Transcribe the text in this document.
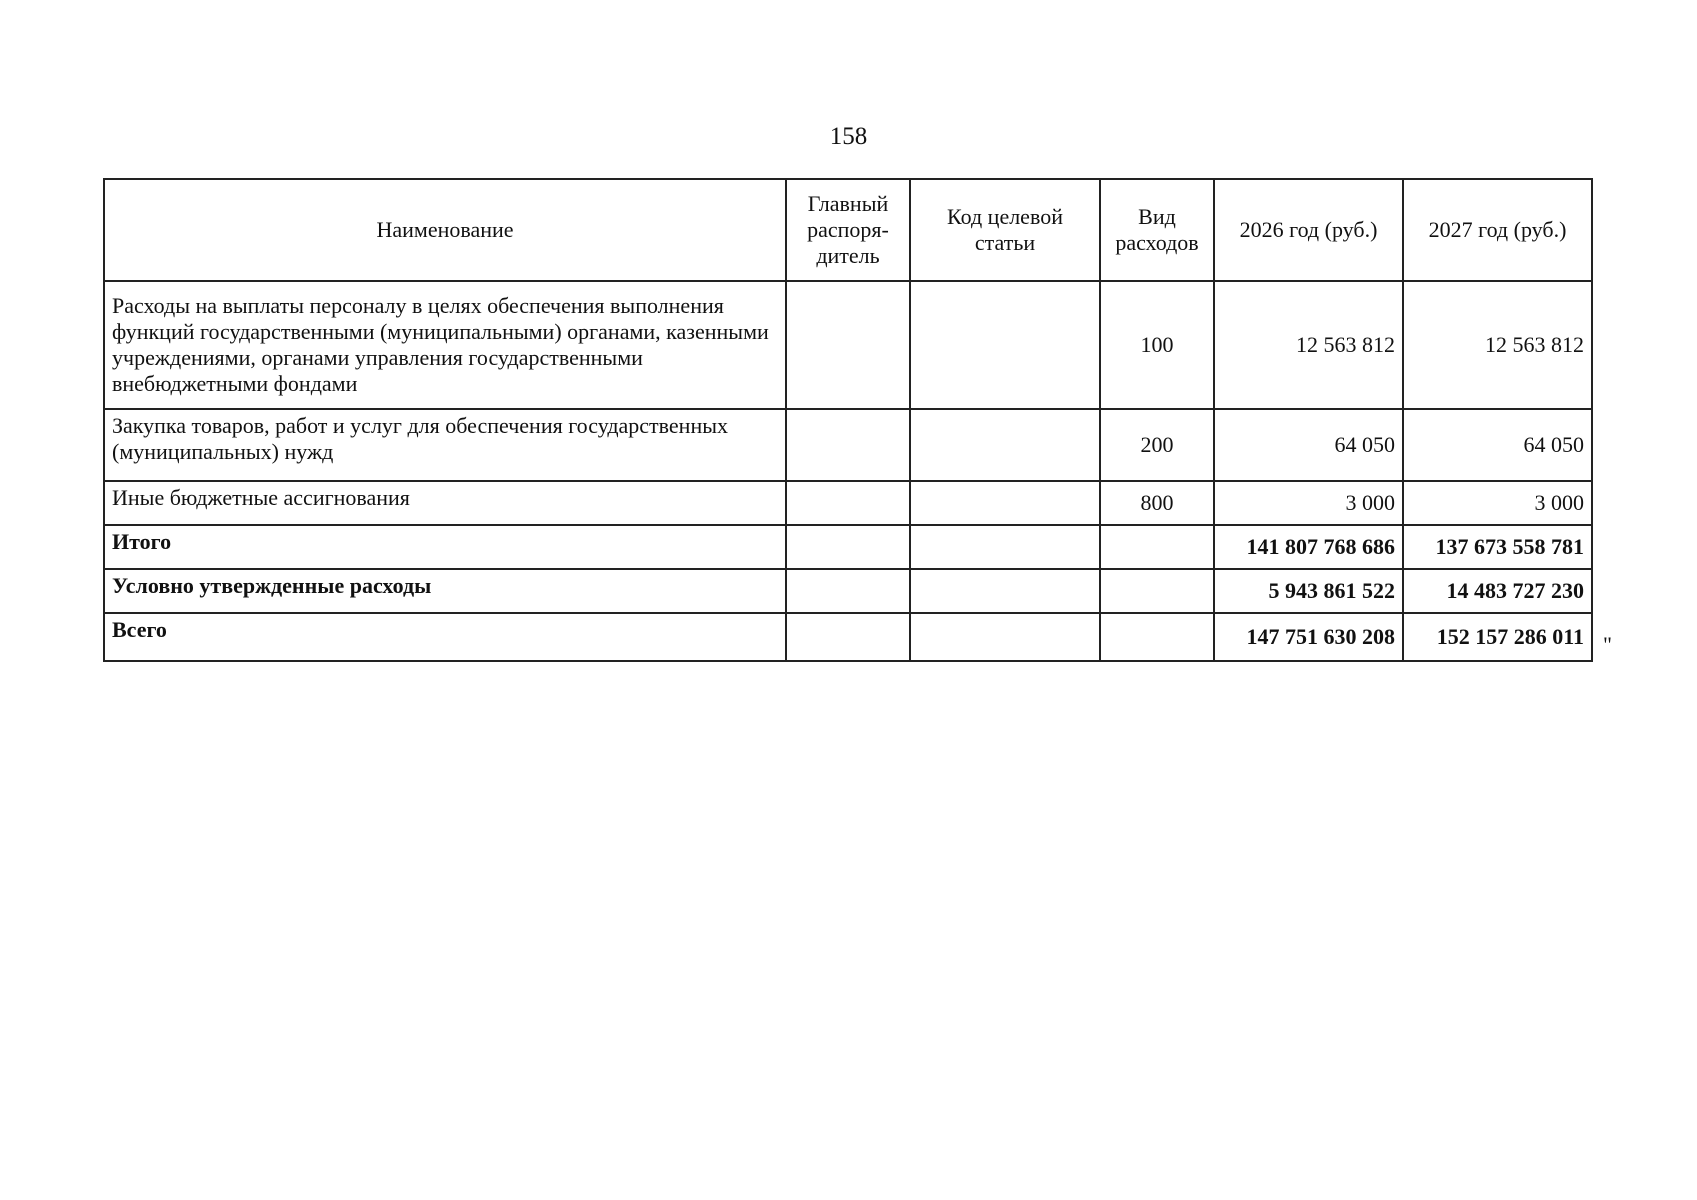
158
Наименование	Главный распоря-дитель	Код целевой статьи	Вид расходов	2026 год (руб.)	2027 год (руб.)
Расходы на выплаты персоналу в целях обеспечения выполнения функций государственными (муниципальными) органами, казенными учреждениями, органами управления государственными внебюджетными фондами			100	12 563 812	12 563 812
Закупка товаров, работ и услуг для обеспечения государственных (муниципальных) нужд			200	64 050	64 050
Иные бюджетные ассигнования			800	3 000	3 000
Итого				141 807 768 686	137 673 558 781
Условно утвержденные расходы				5 943 861 522	14 483 727 230
Всего				147 751 630 208	152 157 286 011 "
